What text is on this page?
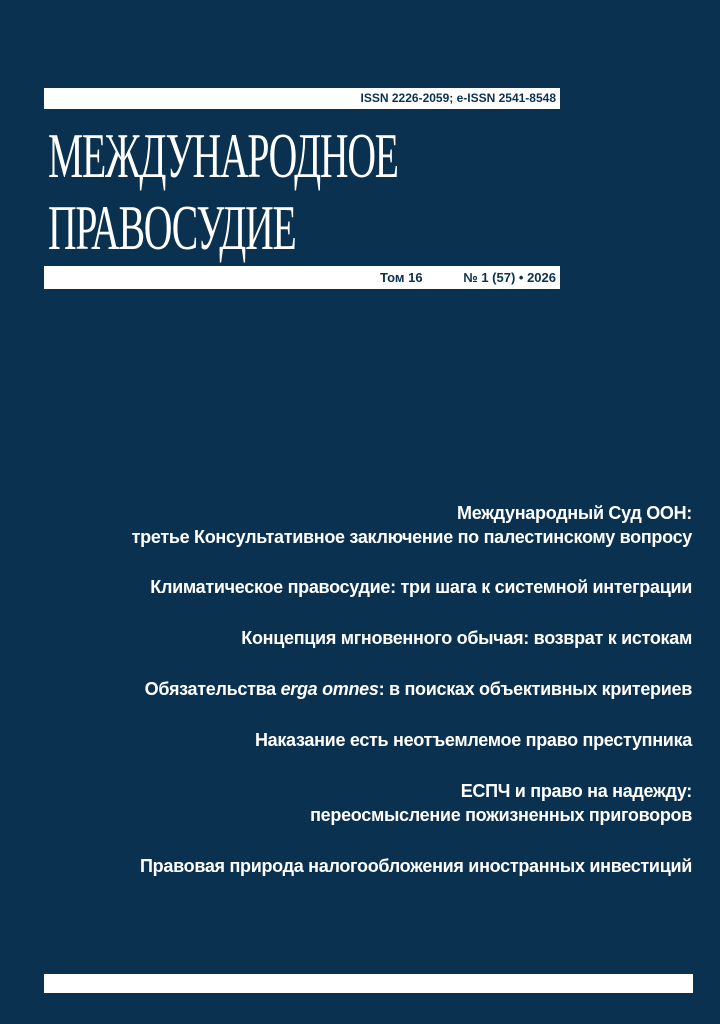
ISSN 2226-2059; e-ISSN 2541-8548
МЕЖДУНАРОДНОЕ
ПРАВОСУДИЕ
Том 16	№ 1 (57) • 2026
Международный Суд ООН:
третье Консультативное заключение по палестинскому вопросу
Климатическое правосудие: три шага к системной интеграции
Концепция мгновенного обычая: возврат к истокам
Обязательства erga omnes: в поисках объективных критериев
Наказание есть неотъемлемое право преступника
ЕСПЧ и право на надежду:
переосмысление пожизненных приговоров
Правовая природа налогообложения иностранных инвестиций
